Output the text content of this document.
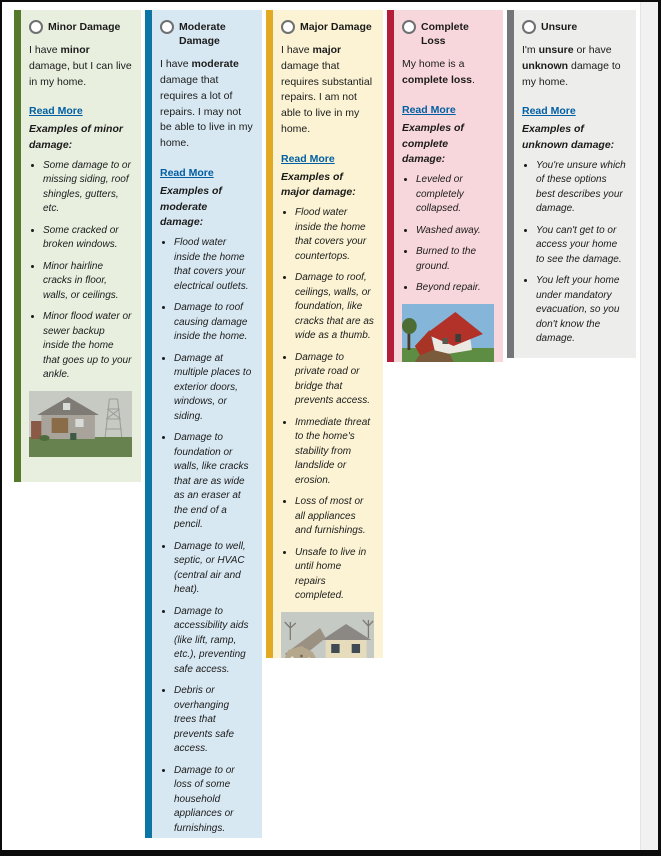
Minor Damage

I have minor damage, but I can live in my home.

Read More

Examples of minor damage:

• Some damage to or missing siding, roof shingles, gutters, etc.
• Some cracked or broken windows.
• Minor hairline cracks in floor, walls, or ceilings.
• Minor flood water or sewer backup inside the home that goes up to your ankle.
Moderate Damage

I have moderate damage that requires a lot of repairs. I may not be able to live in my home.

Read More

Examples of moderate damage:

• Flood water inside the home that covers your electrical outlets.
• Damage to roof causing damage inside the home.
• Damage at multiple places to exterior doors, windows, or siding.
• Damage to foundation or walls, like cracks that are as wide as an eraser at the end of a pencil.
• Damage to well, septic, or HVAC (central air and heat).
• Damage to accessibility aids (like lift, ramp, etc.), preventing safe access.
• Debris or overhanging trees that prevents safe access.
• Damage to or loss of some household appliances or furnishings.
Major Damage

I have major damage that requires substantial repairs. I am not able to live in my home.

Read More

Examples of major damage:

• Flood water inside the home that covers your countertops.
• Damage to roof, ceilings, walls, or foundation, like cracks that are as wide as a thumb.
• Damage to private road or bridge that prevents access.
• Immediate threat to the home's stability from landslide or erosion.
• Loss of most or all appliances and furnishings.
• Unsafe to live in until home repairs completed.
Complete Loss

My home is a complete loss.

Read More

Examples of complete damage:

• Leveled or completely collapsed.
• Washed away.
• Burned to the ground.
• Beyond repair.
Unsure

I'm unsure or have unknown damage to my home.

Read More

Examples of unknown damage:

• You're unsure which of these options best describes your damage.
• You can't get to or access your home to see the damage.
• You left your home under mandatory evacuation, so you don't know the damage.
